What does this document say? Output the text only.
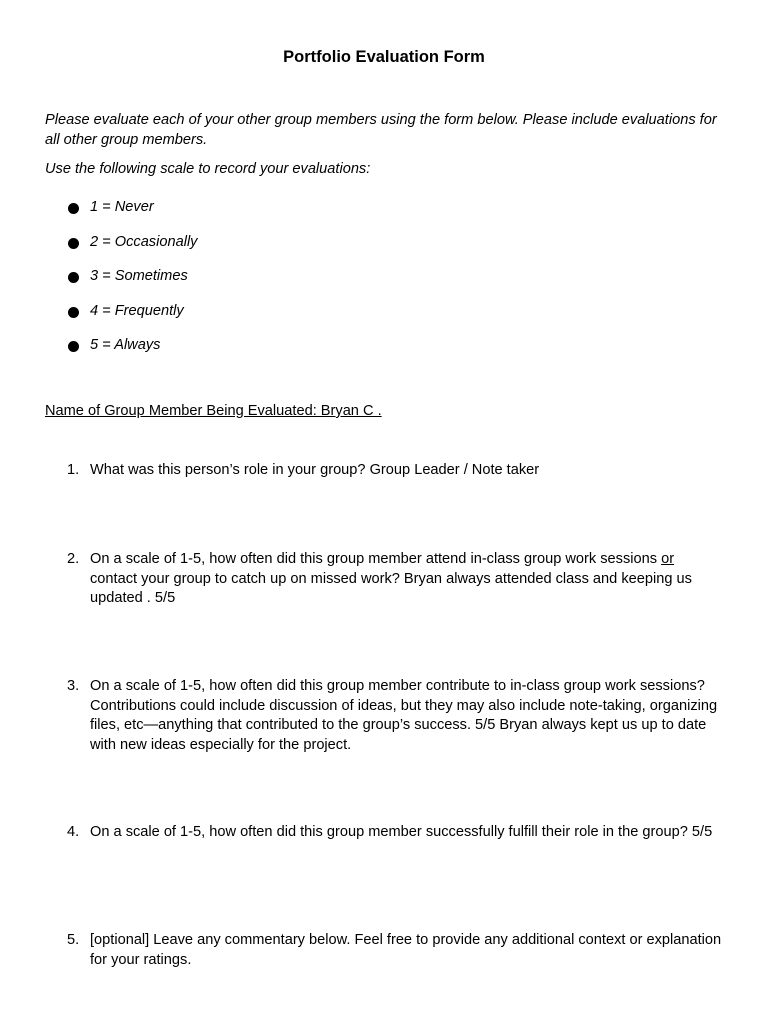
Portfolio Evaluation Form

Please evaluate each of your other group members using the form below. Please include evaluations for all other group members.

Use the following scale to record your evaluations:

1 = Never
2 = Occasionally
3 = Sometimes
4 = Frequently
5 = Always
Name of Group Member Being Evaluated: Bryan C .
1. What was this person’s role in your group? Group Leader / Note taker
2. On a scale of 1-5, how often did this group member attend in-class group work sessions or contact your group to catch up on missed work? Bryan always attended class and keeping us updated . 5/5
3. On a scale of 1-5, how often did this group member contribute to in-class group work sessions? Contributions could include discussion of ideas, but they may also include note-taking, organizing files, etc—anything that contributed to the group’s success. 5/5 Bryan always kept us up to date with new ideas especially for the project.
4. On a scale of 1-5, how often did this group member successfully fulfill their role in the group? 5/5
5. [optional] Leave any commentary below. Feel free to provide any additional context or explanation for your ratings.
